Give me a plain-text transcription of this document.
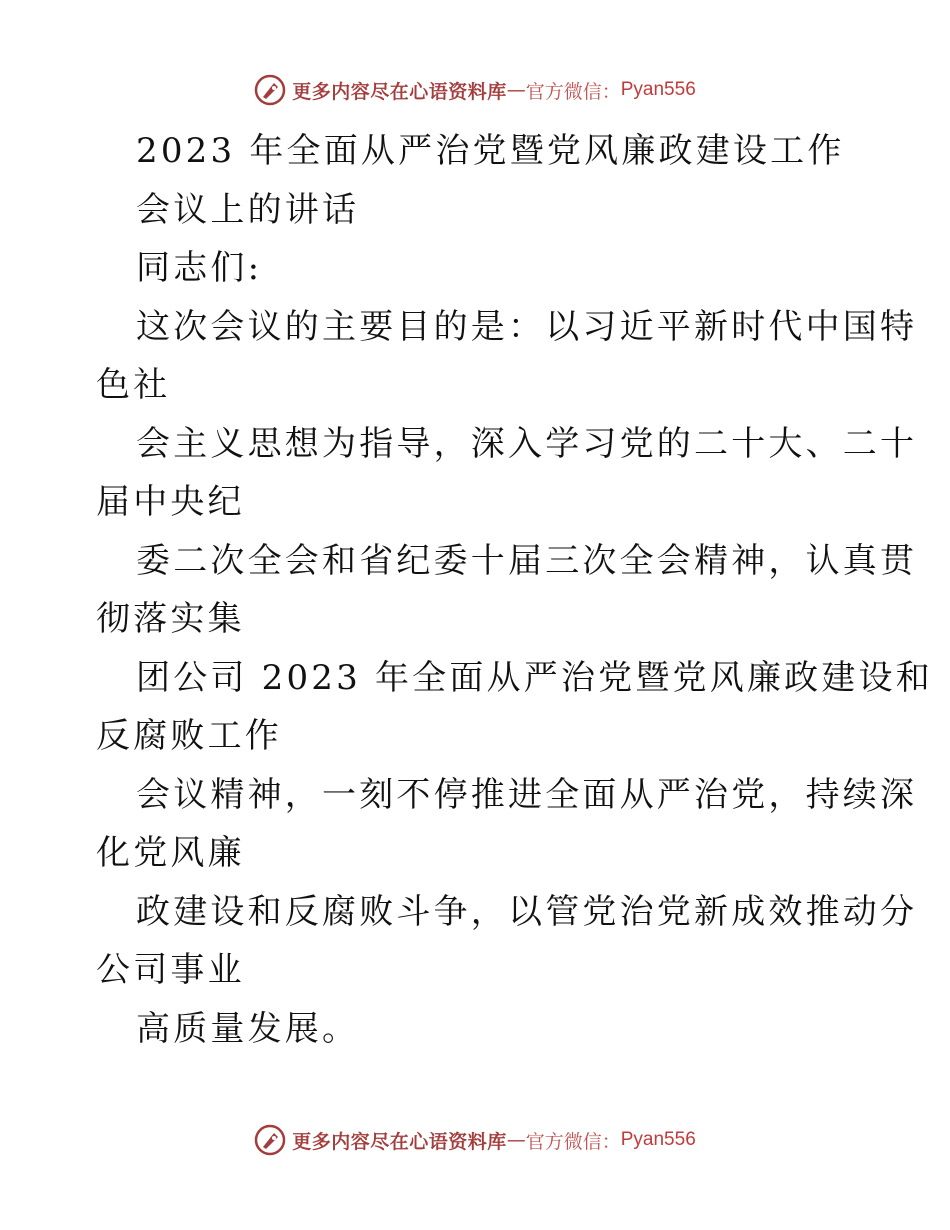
更多内容尽在心语资料库 — 官方微信： Pyan556
2023 年全面从严治党暨党风廉政建设工作
会议上的讲话
同志们:
这次会议的主要目的是：以习近平新时代中国特
色社
会主义思想为指导，深入学习党的二十大、二十
届中央纪
委二次全会和省纪委十届三次全会精神，认真贯
彻落实集
团公司 2023 年全面从严治党暨党风廉政建设和
反腐败工作
会议精神，一刻不停推进全面从严治党，持续深
化党风廉
政建设和反腐败斗争，以管党治党新成效推动分
公司事业
高质量发展。
更多内容尽在心语资料库 — 官方微信： Pyan556
